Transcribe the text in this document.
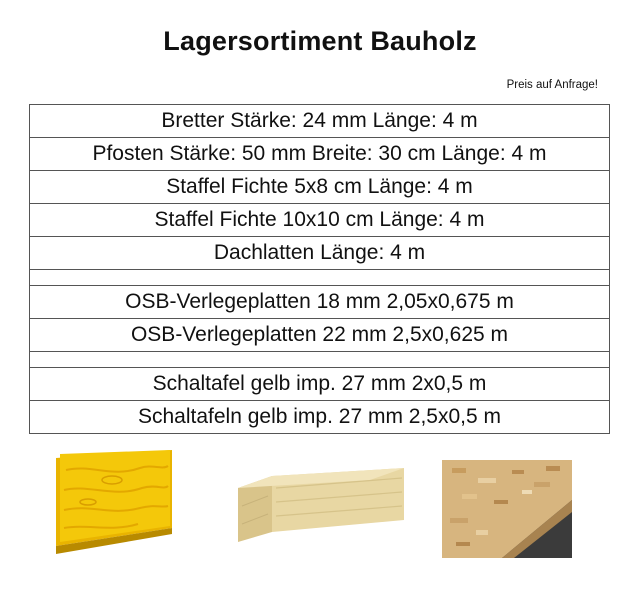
Lagersortiment Bauholz
Preis auf Anfrage!
Bretter Stärke: 24 mm Länge: 4 m
Pfosten Stärke: 50 mm Breite: 30 cm Länge: 4 m
Staffel Fichte 5x8 cm Länge: 4 m
Staffel Fichte 10x10 cm Länge: 4 m
Dachlatten Länge: 4 m

OSB-Verlegeplatten 18 mm 2,05x0,675 m
OSB-Verlegeplatten 22 mm 2,5x0,625 m

Schaltafel gelb imp. 27 mm 2x0,5 m
Schaltafeln gelb imp. 27 mm 2,5x0,5 m
